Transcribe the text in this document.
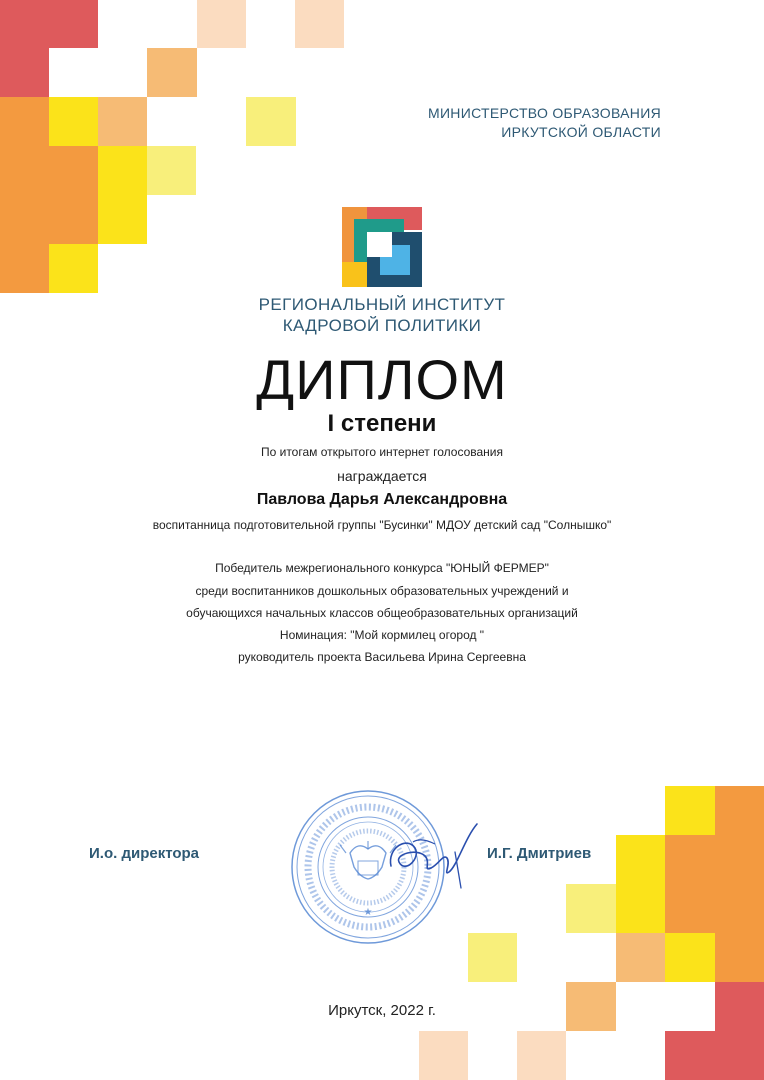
МИНИСТЕРСТВО ОБРАЗОВАНИЯ
ИРКУТСКОЙ ОБЛАСТИ
РЕГИОНАЛЬНЫЙ ИНСТИТУТ
КАДРОВОЙ ПОЛИТИКИ
ДИПЛОМ
I степени
По итогам открытого интернет голосования
награждается
Павлова Дарья Александровна
воспитанница подготовительной группы "Бусинки" МДОУ детский сад "Солнышко"
Победитель межрегионального конкурса "ЮНЫЙ ФЕРМЕР"
среди воспитанников дошкольных образовательных учреждений и
обучающихся начальных классов общеобразовательных организаций
Номинация: "Мой кормилец огород "
руководитель проекта Васильева Ирина Сергеевна
★
И.о. директора	И.Г. Дмитриев
Иркутск, 2022 г.
